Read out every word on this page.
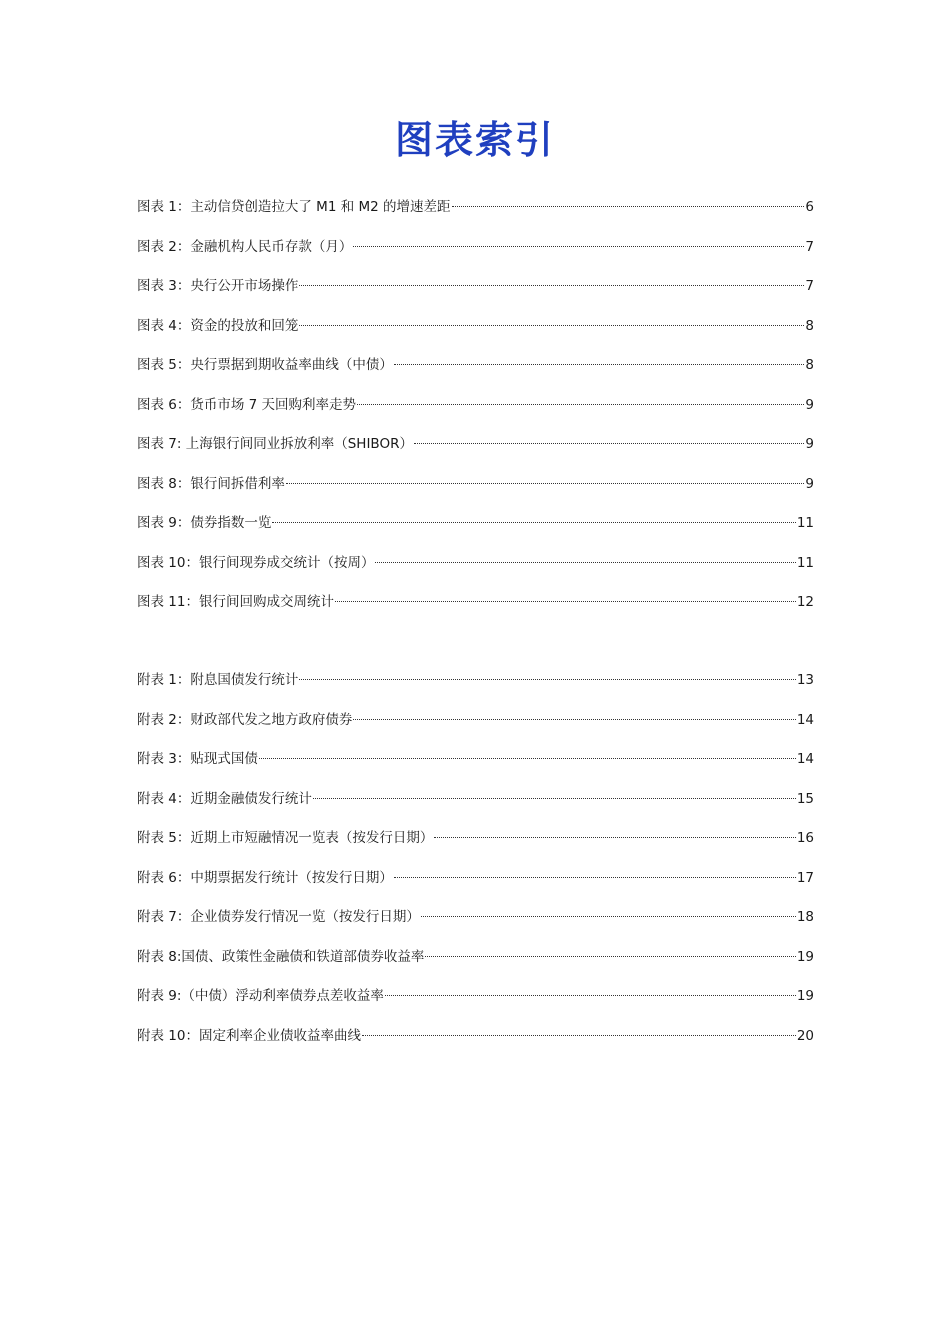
图表索引
图表 1：主动信贷创造拉大了 M1 和 M2 的增速差距	6
图表 2：金融机构人民币存款（月）	7
图表 3：央行公开市场操作	7
图表 4：资金的投放和回笼	8
图表 5：央行票据到期收益率曲线（中债）	8
图表 6：货币市场 7 天回购利率走势	9
图表 7: 上海银行间同业拆放利率（SHIBOR）	9
图表 8：银行间拆借利率	9
图表 9：债券指数一览	11
图表 10：银行间现券成交统计（按周）	11
图表 11：银行间回购成交周统计	12
附表 1：附息国债发行统计	13
附表 2：财政部代发之地方政府债券	14
附表 3：贴现式国债	14
附表 4：近期金融债发行统计	15
附表 5：近期上市短融情况一览表（按发行日期）	16
附表 6：中期票据发行统计（按发行日期）	17
附表 7：企业债券发行情况一览（按发行日期）	18
附表 8:国债、政策性金融债和铁道部债券收益率	19
附表 9:（中债）浮动利率债券点差收益率	19
附表 10：固定利率企业债收益率曲线	20
